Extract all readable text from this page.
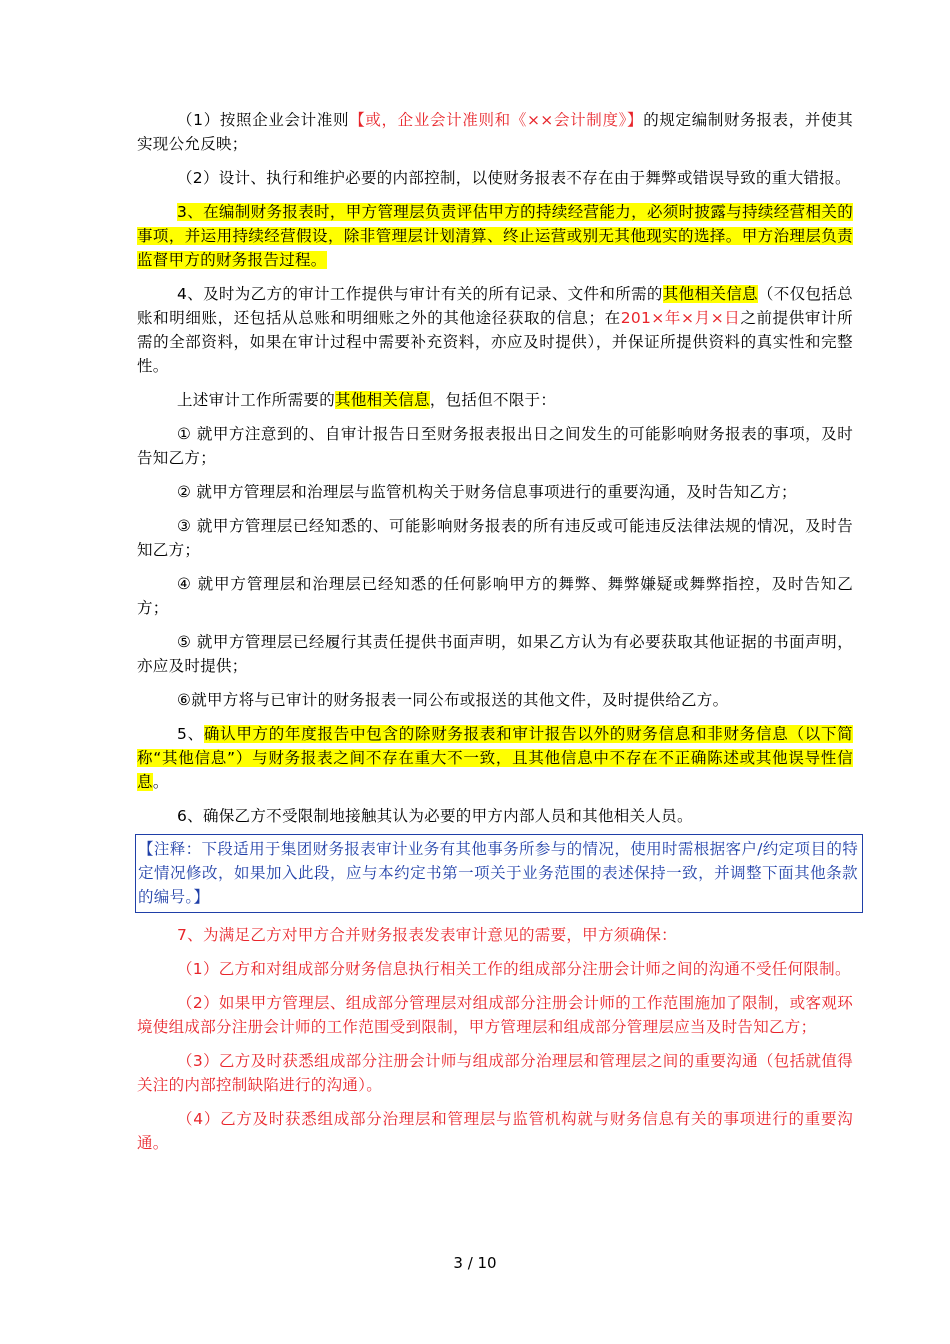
（1）按照企业会计准则【或，企业会计准则和《××会计制度》】的规定编制财务报表，并使其实现公允反映；

（2）设计、执行和维护必要的内部控制，以使财务报表不存在由于舞弊或错误导致的重大错报。

3、在编制财务报表时，甲方管理层负责评估甲方的持续经营能力，必须时披露与持续经营相关的事项，并运用持续经营假设，除非管理层计划清算、终止运营或别无其他现实的选择。甲方治理层负责监督甲方的财务报告过程。

4、及时为乙方的审计工作提供与审计有关的所有记录、文件和所需的其他相关信息（不仅包括总账和明细账，还包括从总账和明细账之外的其他途径获取的信息；在201×年×月×日之前提供审计所需的全部资料，如果在审计过程中需要补充资料，亦应及时提供），并保证所提供资料的真实性和完整性。

上述审计工作所需要的其他相关信息，包括但不限于：

① 就甲方注意到的、自审计报告日至财务报表报出日之间发生的可能影响财务报表的事项，及时告知乙方；

② 就甲方管理层和治理层与监管机构关于财务信息事项进行的重要沟通，及时告知乙方；

③ 就甲方管理层已经知悉的、可能影响财务报表的所有违反或可能违反法律法规的情况，及时告知乙方；

④ 就甲方管理层和治理层已经知悉的任何影响甲方的舞弊、舞弊嫌疑或舞弊指控，及时告知乙方；

⑤ 就甲方管理层已经履行其责任提供书面声明，如果乙方认为有必要获取其他证据的书面声明，亦应及时提供；

⑥就甲方将与已审计的财务报表一同公布或报送的其他文件，及时提供给乙方。

5、确认甲方的年度报告中包含的除财务报表和审计报告以外的财务信息和非财务信息（以下简称“其他信息”）与财务报表之间不存在重大不一致，且其他信息中不存在不正确陈述或其他误导性信息。

6、确保乙方不受限制地接触其认为必要的甲方内部人员和其他相关人员。

【注释：下段适用于集团财务报表审计业务有其他事务所参与的情况，使用时需根据客户/约定项目的特定情况修改，如果加入此段，应与本约定书第一项关于业务范围的表述保持一致，并调整下面其他条款的编号。】

7、为满足乙方对甲方合并财务报表发表审计意见的需要，甲方须确保：

（1）乙方和对组成部分财务信息执行相关工作的组成部分注册会计师之间的沟通不受任何限制。

（2）如果甲方管理层、组成部分管理层对组成部分注册会计师的工作范围施加了限制，或客观环境使组成部分注册会计师的工作范围受到限制，甲方管理层和组成部分管理层应当及时告知乙方；

（3）乙方及时获悉组成部分注册会计师与组成部分治理层和管理层之间的重要沟通（包括就值得关注的内部控制缺陷进行的沟通）。

（4）乙方及时获悉组成部分治理层和管理层与监管机构就与财务信息有关的事项进行的重要沟通。

3 / 10
